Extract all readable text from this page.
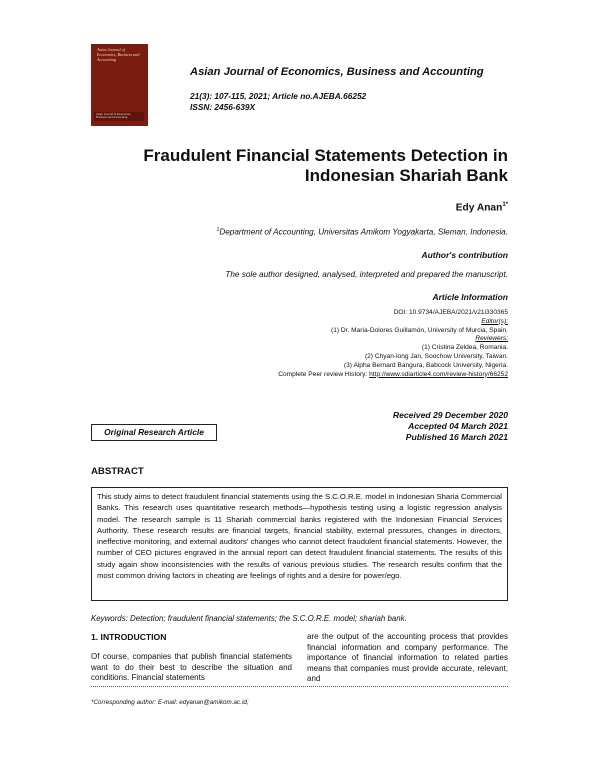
Asian Journal of Economics, Business and Accounting
Asian Journal of Economics, Business and Accounting
Asian Journal of Economics, Business and Accounting
21(3): 107-115, 2021; Article no.AJEBA.66252
ISSN: 2456-639X
Fraudulent Financial Statements Detection in
Indonesian Shariah Bank
Edy Anan$^{1*}$
$^1$Department of Accounting, Universitas Amikom Yogyakarta, Sleman, Indonesia.
Author's contribution
The sole author designed, analysed, interpreted and prepared the manuscript.
Article Information
DOI: 10.9734/AJEBA/2021/v21i330365
Editor(s):
(1) Dr. Maria-Dolores Guillamón, University of Murcia, Spain.
Reviewers:
(1) Cristina Zeldea, Romania.
(2) Chyan-long Jan, Soochow University, Taiwan.
(3) Alpha Bernard Bangura, Babcock University, Nigeria.
Complete Peer review History: http://www.sdiarticle4.com/review-history/66252
Received 29 December 2020
Accepted 04 March 2021
Published 16 March 2021
Original Research Article
ABSTRACT
This study aims to detect fraudulent financial statements using the S.C.O.R.E. model in Indonesian Sharia Commercial Banks. This research uses quantitative research methods—hypothesis testing using a logistic regression analysis model. The research sample is 11 Shariah commercial banks registered with the Indonesian Financial Services Authority. These research results are financial targets, financial stability, external pressures, changes in directors, ineffective monitoring, and external auditors' changes who cannot detect fraudulent financial statements. However, the number of CEO pictures engraved in the annual report can detect fraudulent financial statements. The results of this study again show inconsistencies with the results of various previous studies. The research results confirm that the most common driving factors in cheating are feelings of rights and a desire for power/ego.
Keywords: Detection; fraudulent financial statements; the S.C.O.R.E. model; shariah bank.
1. INTRODUCTION
Of course, companies that publish financial statements want to do their best to describe the situation and conditions. Financial statements
are the output of the accounting process that provides financial information and company performance. The importance of financial information to related parties means that companies must provide accurate, relevant, and
*Corresponding author: E-mail: edyanan@amikom.ac.id;
